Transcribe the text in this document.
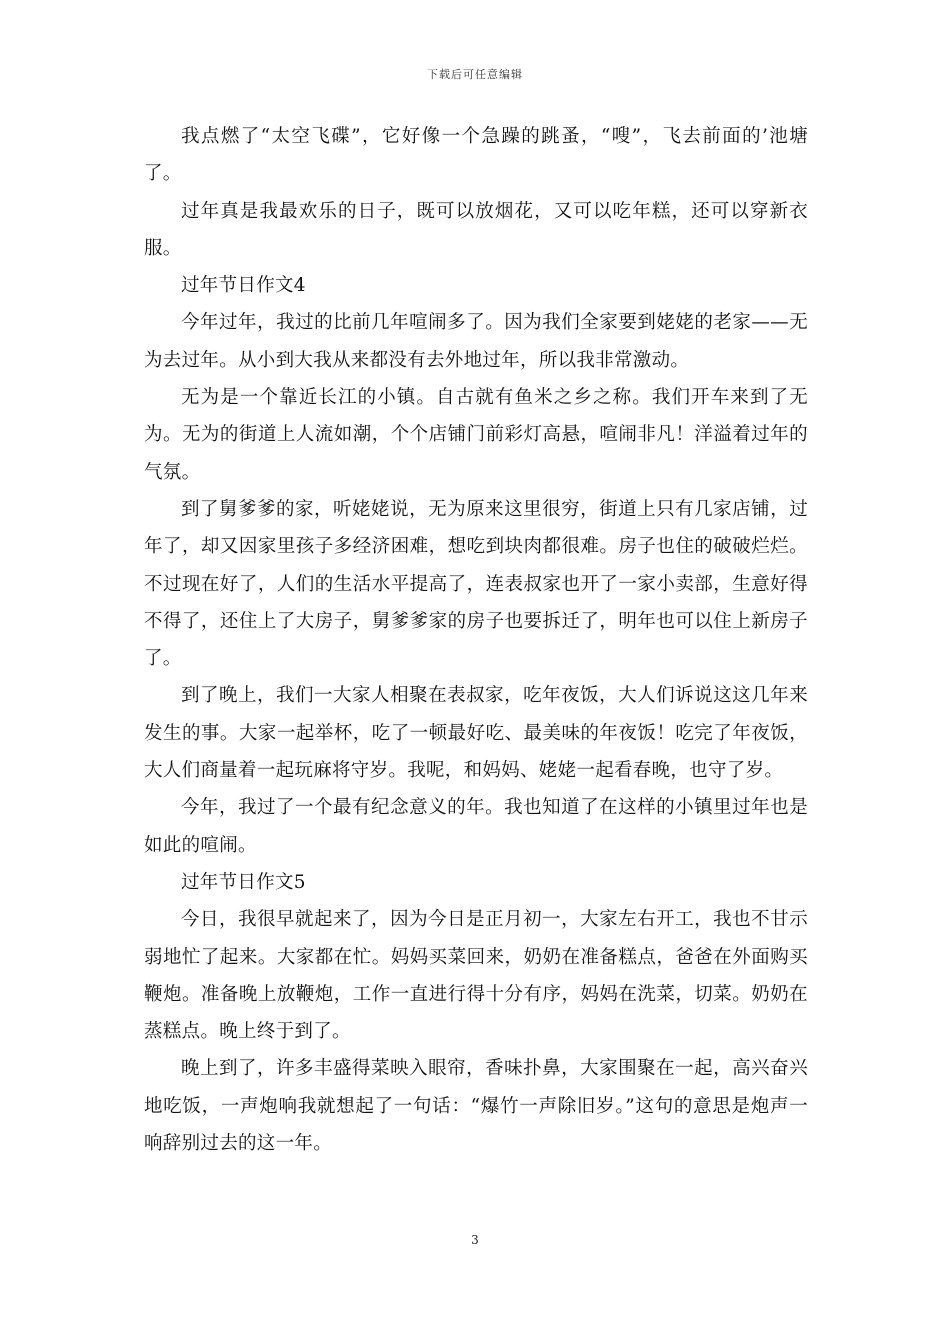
下载后可任意编辑

我点燃了“太空飞碟”，它好像一个急躁的跳蚤，“嗖”，飞去前面的’池塘了。

过年真是我最欢乐的日子，既可以放烟花，又可以吃年糕，还可以穿新衣服。

过年节日作文4

今年过年，我过的比前几年喧闹多了。因为我们全家要到姥姥的老家——无为去过年。从小到大我从来都没有去外地过年，所以我非常激动。

无为是一个靠近长江的小镇。自古就有鱼米之乡之称。我们开车来到了无为。无为的街道上人流如潮，个个店铺门前彩灯高悬，喧闹非凡！洋溢着过年的气氛。

到了舅爹爹的家，听姥姥说，无为原来这里很穷，街道上只有几家店铺，过年了，却又因家里孩子多经济困难，想吃到块肉都很难。房子也住的破破烂烂。不过现在好了，人们的生活水平提高了，连表叔家也开了一家小卖部，生意好得不得了，还住上了大房子，舅爹爹家的房子也要拆迁了，明年也可以住上新房子了。

到了晚上，我们一大家人相聚在表叔家，吃年夜饭，大人们诉说这这几年来发生的事。大家一起举杯，吃了一顿最好吃、最美味的年夜饭！吃完了年夜饭，大人们商量着一起玩麻将守岁。我呢，和妈妈、姥姥一起看春晚，也守了岁。

今年，我过了一个最有纪念意义的年。我也知道了在这样的小镇里过年也是如此的喧闹。

过年节日作文5

今日，我很早就起来了，因为今日是正月初一，大家左右开工，我也不甘示弱地忙了起来。大家都在忙。妈妈买菜回来，奶奶在准备糕点，爸爸在外面购买鞭炮。准备晚上放鞭炮，工作一直进行得十分有序，妈妈在洗菜，切菜。奶奶在蒸糕点。晚上终于到了。

晚上到了，许多丰盛得菜映入眼帘，香味扑鼻，大家围聚在一起，高兴奋兴地吃饭，一声炮响我就想起了一句话：“爆竹一声除旧岁。”这句的意思是炮声一响辞别过去的这一年。

3
